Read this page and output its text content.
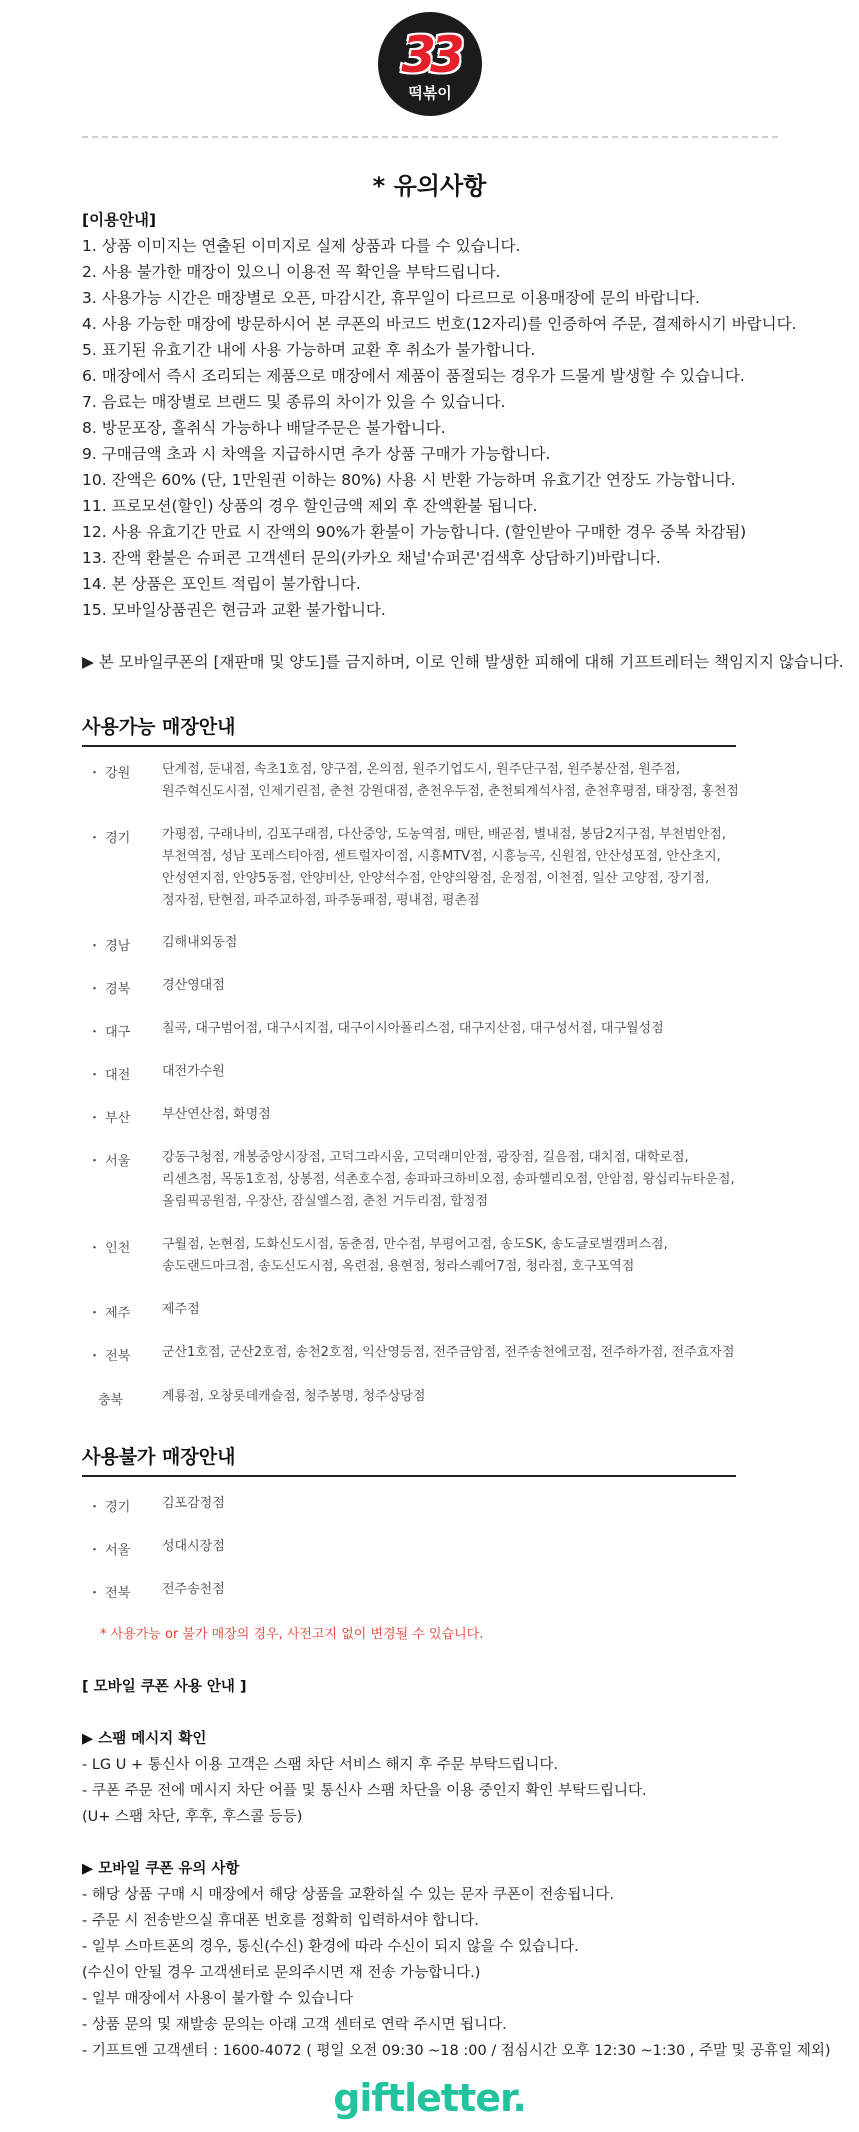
33
떡볶이
* 유의사항
[이용안내]
1. 상품 이미지는 연출된 이미지로 실제 상품과 다를 수 있습니다.
2. 사용 불가한 매장이 있으니 이용전 꼭 확인을 부탁드립니다.
3. 사용가능 시간은 매장별로 오픈, 마감시간, 휴무일이 다르므로 이용매장에 문의 바랍니다.
4. 사용 가능한 매장에 방문하시어 본 쿠폰의 바코드 번호(12자리)를 인증하여 주문, 결제하시기 바랍니다.
5. 표기된 유효기간 내에 사용 가능하며 교환 후 취소가 불가합니다.
6. 매장에서 즉시 조리되는 제품으로 매장에서 제품이 품절되는 경우가 드물게 발생할 수 있습니다.
7. 음료는 매장별로 브랜드 및 종류의 차이가 있을 수 있습니다.
8. 방문포장, 홀취식 가능하나 배달주문은 불가합니다.
9. 구매금액 초과 시 차액을 지급하시면 추가 상품 구매가 가능합니다.
10. 잔액은 60% (단, 1만원권 이하는 80%) 사용 시 반환 가능하며 유효기간 연장도 가능합니다.
11. 프로모션(할인) 상품의 경우 할인금액 제외 후 잔액환불 됩니다.
12. 사용 유효기간 만료 시 잔액의 90%가 환불이 가능합니다. (할인받아 구매한 경우 중복 차감됨)
13. 잔액 환불은 슈퍼콘 고객센터 문의(카카오 채널'슈퍼콘'검색후 상담하기)바랍니다.
14. 본 상품은 포인트 적립이 불가합니다.
15. 모바일상품권은 현금과 교환 불가합니다.
▶ 본 모바일쿠폰의 [재판매 및 양도]를 금지하며, 이로 인해 발생한 피해에 대해 기프트레터는 책임지지 않습니다.
사용가능 매장안내
・ 강원 단계점, 둔내점, 속초1호점, 양구점, 온의점, 원주기업도시, 원주단구점, 원주봉산점, 원주점,
원주혁신도시점, 인제기린점, 춘천 강원대점, 춘천우두점, 춘천퇴계석사점, 춘천후평점, 태장점, 홍천점
・ 경기 가평점, 구래나비, 김포구래점, 다산중앙, 도농역점, 매탄, 배곧점, 별내점, 봉담2지구점, 부천범안점,
부천역점, 성남 포레스티아점, 센트럴자이점, 시흥MTV점, 시흥능곡, 신원점, 안산성포점, 안산초지,
안성연지점, 안양5동점, 안양비산, 안양석수점, 안양의왕점, 운정점, 이천점, 일산 고양점, 장기점,
정자점, 탄현점, 파주교하점, 파주동패점, 평내점, 평촌점
・ 경남 김해내외동점
・ 경북 경산영대점
・ 대구 칠곡, 대구범어점, 대구시지점, 대구이시아폴리스점, 대구지산점, 대구성서점, 대구월성점
・ 대전 대전가수원
・ 부산 부산연산점, 화명점
・ 서울 강동구청점, 개봉중앙시장점, 고덕그라시움, 고덕래미안점, 광장점, 길음점, 대치점, 대학로점,
리센츠점, 목동1호점, 상봉점, 석촌호수점, 송파파크하비오점, 송파헬리오점, 안암점, 왕십리뉴타운점,
올림픽공원점, 우장산, 잠실엘스점, 춘천 거두리점, 합정점
・ 인천 구월점, 논현점, 도화신도시점, 동춘점, 만수점, 부평어고점, 송도SK, 송도글로벌캠퍼스점,
송도랜드마크점, 송도신도시점, 옥련점, 용현점, 청라스퀘어7점, 청라점, 호구포역점
・ 제주 제주점
・ 전북 군산1호점, 군산2호점, 송천2호점, 익산영등점, 전주금암점, 전주송천에코점, 전주하가점, 전주효자점
충북	계룡점, 오창롯데캐슬점, 청주봉명, 청주상당점
사용불가 매장안내
・ 경기 김포감정점
・ 서울 성대시장점
・ 전북 전주송천점
* 사용가능 or 불가 매장의 경우, 사전고지 없이 변경될 수 있습니다.
[ 모바일 쿠폰 사용 안내 ]
▶ 스팸 메시지 확인
- LG U + 통신사 이용 고객은 스팸 차단 서비스 해지 후 주문 부탁드립니다.
- 쿠폰 주문 전에 메시지 차단 어플 및 통신사 스팸 차단을 이용 중인지 확인 부탁드립니다.
(U+ 스팸 차단, 후후, 후스콜 등등)
▶ 모바일 쿠폰 유의 사항
- 해당 상품 구매 시 매장에서 해당 상품을 교환하실 수 있는 문자 쿠폰이 전송됩니다.
- 주문 시 전송받으실 휴대폰 번호를 정확히 입력하셔야 합니다.
- 일부 스마트폰의 경우, 통신(수신) 환경에 따라 수신이 되지 않을 수 있습니다.
(수신이 안될 경우 고객센터로 문의주시면 재 전송 가능합니다.)
- 일부 매장에서 사용이 불가할 수 있습니다
- 상품 문의 및 재발송 문의는 아래 고객 센터로 연락 주시면 됩니다.
- 기프트엔 고객센터 : 1600-4072 ( 평일 오전 09:30 ~18 :00 / 점심시간 오후 12:30 ~1:30 , 주말 및 공휴일 제외)
giftletter.
